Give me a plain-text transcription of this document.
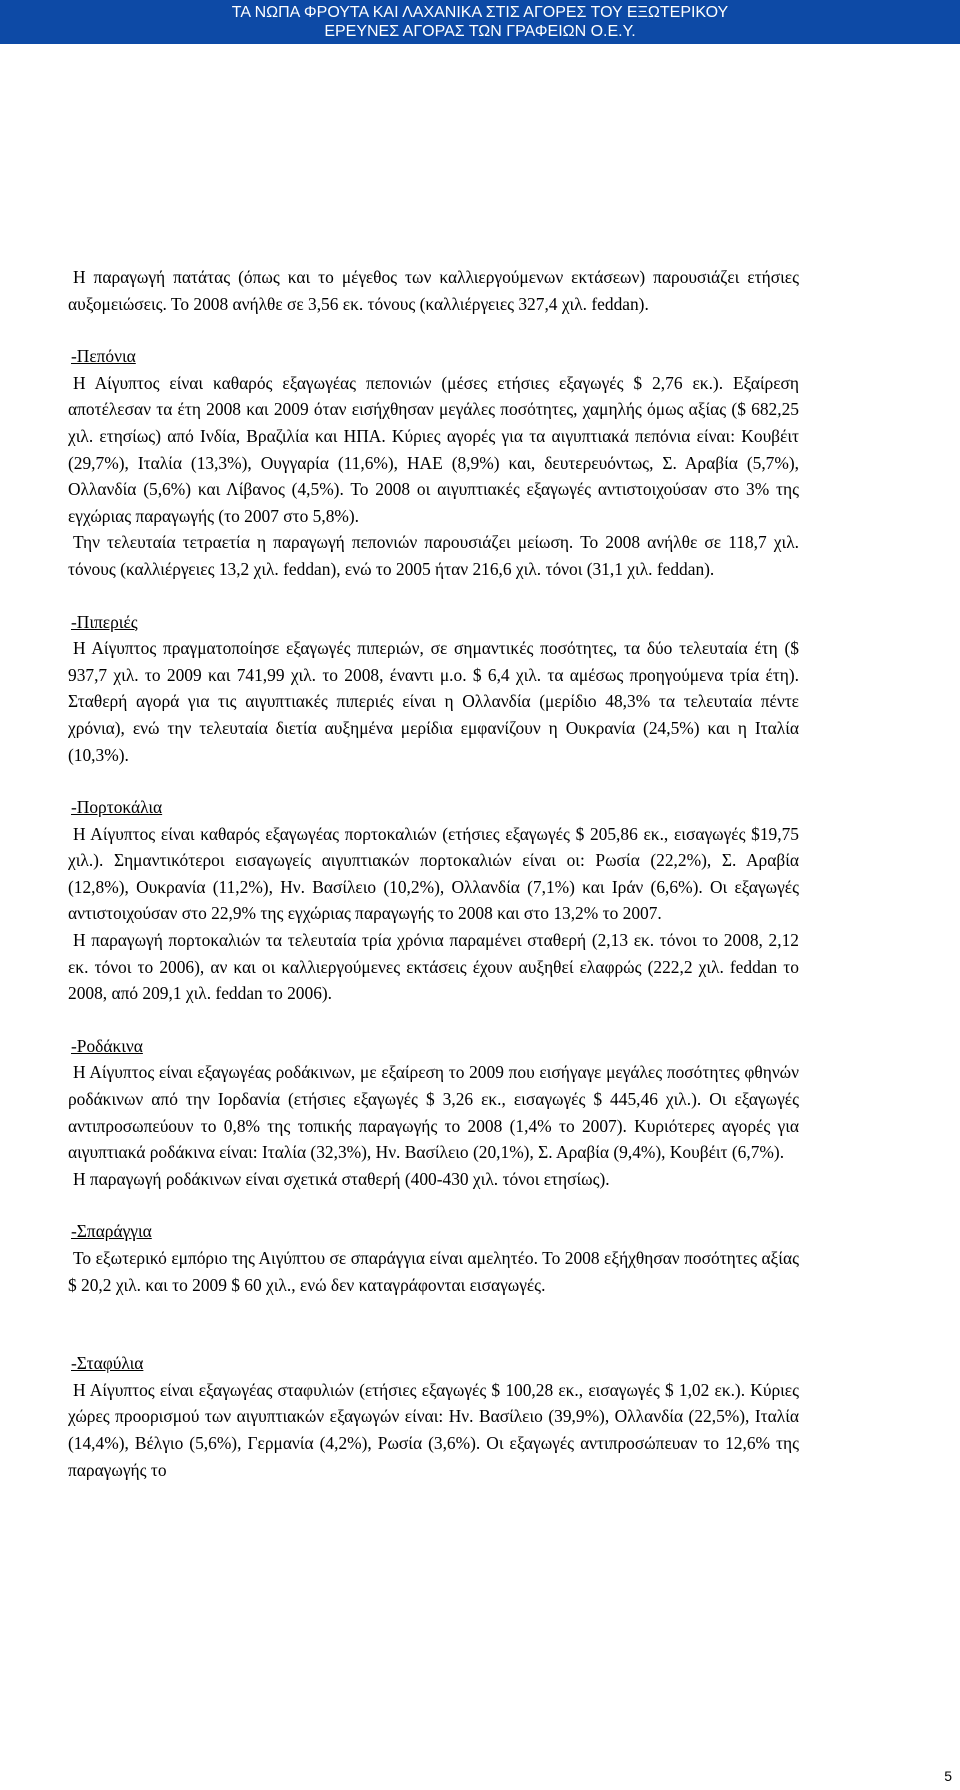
ΤΑ ΝΩΠΑ ΦΡΟΥΤΑ ΚΑΙ ΛΑΧΑΝΙΚΑ ΣΤΙΣ ΑΓΟΡΕΣ ΤΟΥ ΕΞΩΤΕΡΙΚΟΥ
ΕΡΕΥΝΕΣ ΑΓΟΡΑΣ ΤΩΝ ΓΡΑΦΕΙΩΝ Ο.Ε.Υ.

Η παραγωγή πατάτας (όπως και το μέγεθος των καλλιεργούμενων εκτάσεων) παρουσιάζει ετήσιες αυξομειώσεις. Το 2008 ανήλθε σε 3,56 εκ. τόνους (καλλιέργειες 327,4 χιλ. feddan).

-Πεπόνια

Η Αίγυπτος είναι καθαρός εξαγωγέας πεπονιών (μέσες ετήσιες εξαγωγές $ 2,76 εκ.). Εξαίρεση αποτέλεσαν τα έτη 2008 και 2009 όταν εισήχθησαν μεγάλες ποσότητες, χαμηλής όμως αξίας ($ 682,25 χιλ. ετησίως) από Ινδία, Βραζιλία και ΗΠΑ. Κύριες αγορές για τα αιγυπτιακά πεπόνια είναι: Κουβέιτ (29,7%), Ιταλία (13,3%), Ουγγαρία (11,6%), ΗΑΕ (8,9%) και, δευτερευόντως, Σ. Αραβία (5,7%), Ολλανδία (5,6%) και Λίβανος (4,5%). Το 2008 οι αιγυπτιακές εξαγωγές αντιστοιχούσαν στο 3% της εγχώριας παραγωγής (το 2007 στο 5,8%).

Την τελευταία τετραετία η παραγωγή πεπονιών παρουσιάζει μείωση. Το 2008 ανήλθε σε 118,7 χιλ. τόνους (καλλιέργειες 13,2 χιλ. feddan), ενώ το 2005 ήταν 216,6 χιλ. τόνοι (31,1 χιλ. feddan).

-Πιπεριές

Η Αίγυπτος πραγματοποίησε εξαγωγές πιπεριών, σε σημαντικές ποσότητες, τα δύο τελευταία έτη ($ 937,7 χιλ. το 2009 και 741,99 χιλ. το 2008, έναντι μ.ο. $ 6,4 χιλ. τα αμέσως προηγούμενα τρία έτη). Σταθερή αγορά για τις αιγυπτιακές πιπεριές είναι η Ολλανδία (μερίδιο 48,3% τα τελευταία πέντε χρόνια), ενώ την τελευταία διετία αυξημένα μερίδια εμφανίζουν η Ουκρανία (24,5%) και η Ιταλία (10,3%).

-Πορτοκάλια

Η Αίγυπτος είναι καθαρός εξαγωγέας πορτοκαλιών (ετήσιες εξαγωγές $ 205,86 εκ., εισαγωγές $19,75 χιλ.). Σημαντικότεροι εισαγωγείς αιγυπτιακών πορτοκαλιών είναι οι: Ρωσία (22,2%), Σ. Αραβία (12,8%), Ουκρανία (11,2%), Ην. Βασίλειο (10,2%), Ολλανδία (7,1%) και Ιράν (6,6%). Οι εξαγωγές αντιστοιχούσαν στο 22,9% της εγχώριας παραγωγής το 2008 και στο 13,2% το 2007.

Η παραγωγή πορτοκαλιών τα τελευταία τρία χρόνια παραμένει σταθερή (2,13 εκ. τόνοι το 2008, 2,12 εκ. τόνοι το 2006), αν και οι καλλιεργούμενες εκτάσεις έχουν αυξηθεί ελαφρώς (222,2 χιλ. feddan το 2008, από 209,1 χιλ. feddan το 2006).

-Ροδάκινα

Η Αίγυπτος είναι εξαγωγέας ροδάκινων, με εξαίρεση το 2009 που εισήγαγε μεγάλες ποσότητες φθηνών ροδάκινων από την Ιορδανία (ετήσιες εξαγωγές $ 3,26 εκ., εισαγωγές $ 445,46 χιλ.). Οι εξαγωγές αντιπροσωπεύουν το 0,8% της τοπικής παραγωγής το 2008 (1,4% το 2007). Κυριότερες αγορές για αιγυπτιακά ροδάκινα είναι: Ιταλία (32,3%), Ην. Βασίλειο (20,1%), Σ. Αραβία (9,4%), Κουβέιτ (6,7%).

Η παραγωγή ροδάκινων είναι σχετικά σταθερή (400-430 χιλ. τόνοι ετησίως).

-Σπαράγγια

Το εξωτερικό εμπόριο της Αιγύπτου σε σπαράγγια είναι αμελητέο. Το 2008 εξήχθησαν ποσότητες αξίας $ 20,2 χιλ. και το 2009 $ 60 χιλ., ενώ δεν καταγράφονται εισαγωγές.

-Σταφύλια

Η Αίγυπτος είναι εξαγωγέας σταφυλιών (ετήσιες εξαγωγές $ 100,28 εκ., εισαγωγές $ 1,02 εκ.). Κύριες χώρες προορισμού των αιγυπτιακών εξαγωγών είναι: Ην. Βασίλειο (39,9%), Ολλανδία (22,5%), Ιταλία (14,4%), Βέλγιο (5,6%), Γερμανία (4,2%), Ρωσία (3,6%). Οι εξαγωγές αντιπροσώπευαν το 12,6% της παραγωγής το

5
